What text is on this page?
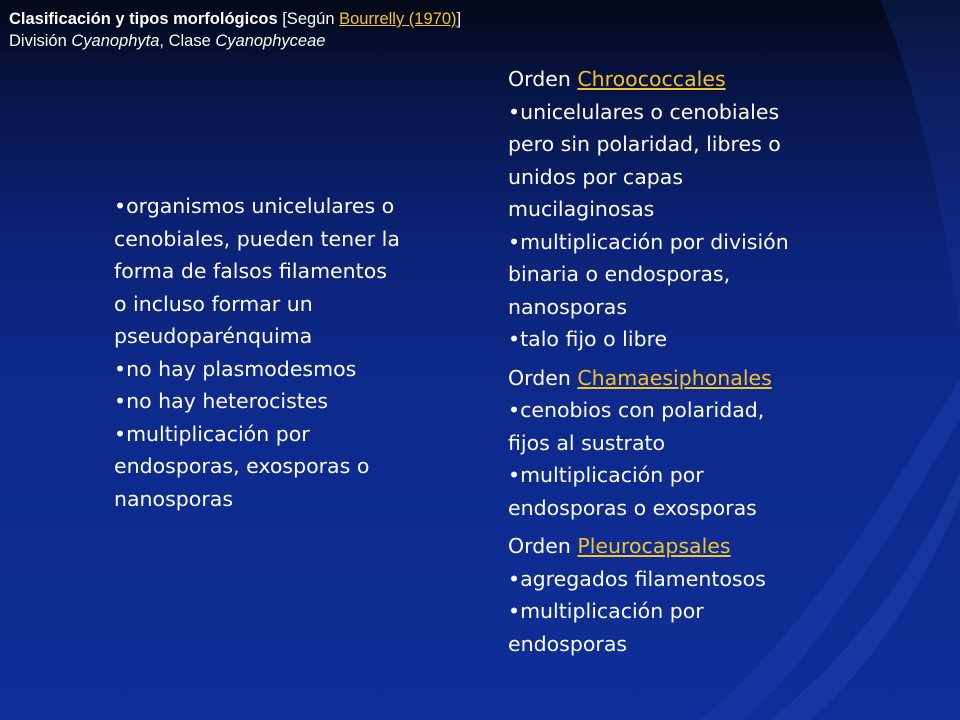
Clasificación y tipos morfológicos [Según Bourrelly (1970)]
División Cyanophyta, Clase Cyanophyceae
•organismos unicelulares o
cenobiales, pueden tener la
forma de falsos filamentos
o incluso formar un
pseudoparénquima
•no hay plasmodesmos
•no hay heterocistes
•multiplicación por
endosporas, exosporas o
nanosporas
Orden Chroococcales
•unicelulares o cenobiales
pero sin polaridad, libres o
unidos por capas
mucilaginosas
•multiplicación por división
binaria o endosporas,
nanosporas
•talo fijo o libre
Orden Chamaesiphonales
•cenobios con polaridad,
fijos al sustrato
•multiplicación por
endosporas o exosporas
Orden Pleurocapsales
•agregados filamentosos
•multiplicación por
endosporas
